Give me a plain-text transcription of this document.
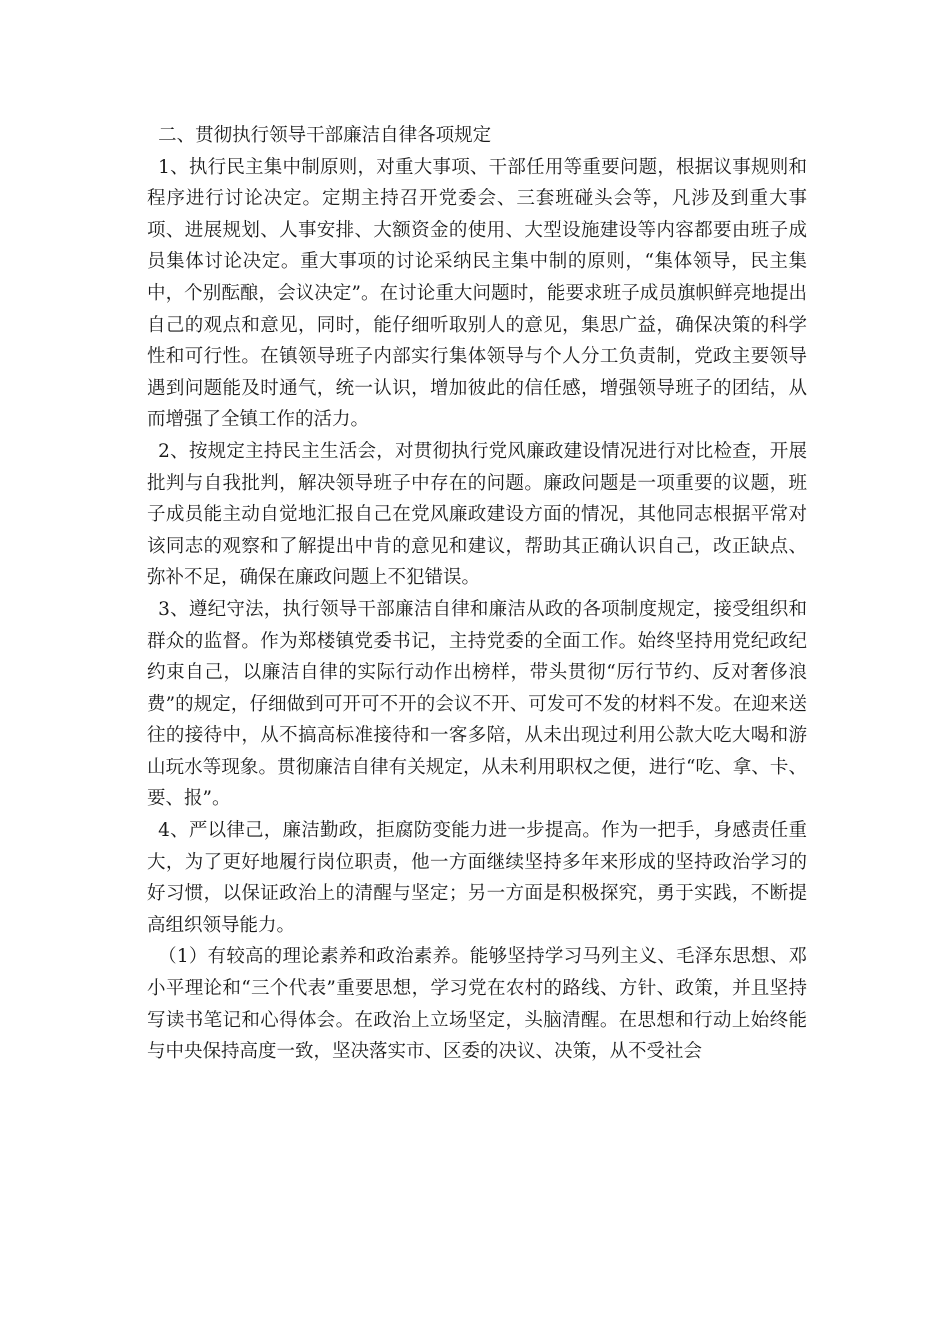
二、贯彻执行领导干部廉洁自律各项规定

1、执行民主集中制原则，对重大事项、干部任用等重要问题，根据议事规则和程序进行讨论决定。定期主持召开党委会、三套班碰头会等，凡涉及到重大事项、进展规划、人事安排、大额资金的使用、大型设施建设等内容都要由班子成员集体讨论决定。重大事项的讨论采纳民主集中制的原则，“集体领导，民主集中，个别酝酿，会议决定”。在讨论重大问题时，能要求班子成员旗帜鲜亮地提出自己的观点和意见，同时，能仔细听取别人的意见，集思广益，确保决策的科学性和可行性。在镇领导班子内部实行集体领导与个人分工负责制，党政主要领导遇到问题能及时通气，统一认识，增加彼此的信任感，增强领导班子的团结，从而增强了全镇工作的活力。

2、按规定主持民主生活会，对贯彻执行党风廉政建设情况进行对比检查，开展批判与自我批判，解决领导班子中存在的问题。廉政问题是一项重要的议题，班子成员能主动自觉地汇报自己在党风廉政建设方面的情况，其他同志根据平常对该同志的观察和了解提出中肯的意见和建议，帮助其正确认识自己，改正缺点、弥补不足，确保在廉政问题上不犯错误。

3、遵纪守法，执行领导干部廉洁自律和廉洁从政的各项制度规定，接受组织和群众的监督。作为郑楼镇党委书记，主持党委的全面工作。始终坚持用党纪政纪约束自己，以廉洁自律的实际行动作出榜样，带头贯彻“厉行节约、反对奢侈浪费”的规定，仔细做到可开可不开的会议不开、可发可不发的材料不发。在迎来送往的接待中，从不搞高标准接待和一客多陪，从未出现过利用公款大吃大喝和游山玩水等现象。贯彻廉洁自律有关规定，从未利用职权之便，进行“吃、拿、卡、要、报”。

4、严以律己，廉洁勤政，拒腐防变能力进一步提高。作为一把手，身感责任重大，为了更好地履行岗位职责，他一方面继续坚持多年来形成的坚持政治学习的好习惯，以保证政治上的清醒与坚定；另一方面是积极探究，勇于实践，不断提高组织领导能力。

（1）有较高的理论素养和政治素养。能够坚持学习马列主义、毛泽东思想、邓小平理论和“三个代表”重要思想，学习党在农村的路线、方针、政策，并且坚持写读书笔记和心得体会。在政治上立场坚定，头脑清醒。在思想和行动上始终能与中央保持高度一致，坚决落实市、区委的决议、决策，从不受社会
